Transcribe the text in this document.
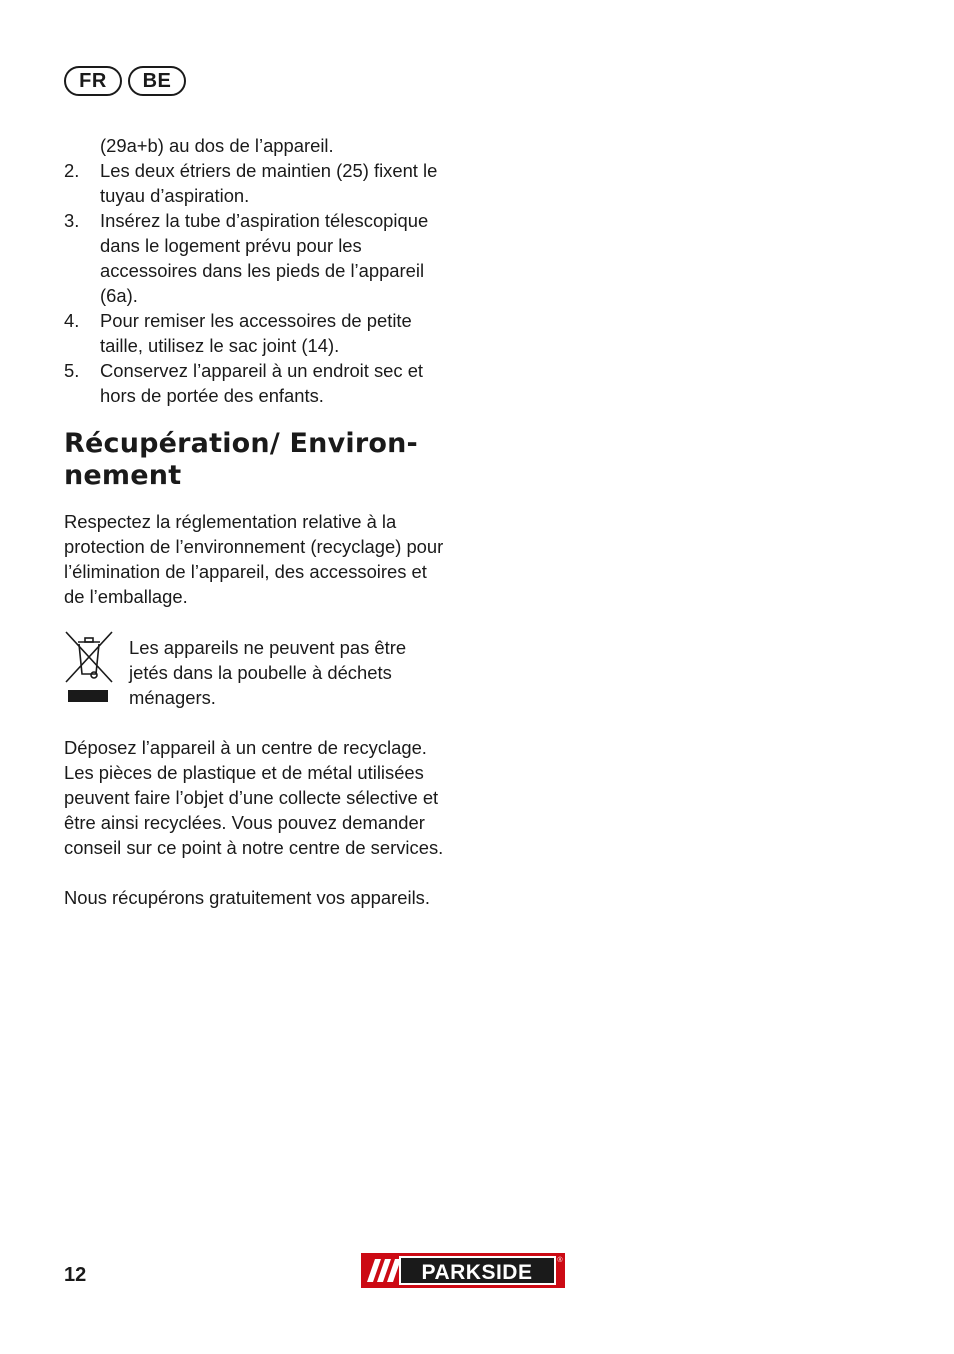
FR	BE

(29a+b) au dos de l’appareil.

2. Les deux étriers de maintien (25) fixent le tuyau d’aspiration.
3. Insérez la tube d’aspiration télescopique dans le logement prévu pour les accessoires dans les pieds de l’appareil (6a).
4. Pour remiser les accessoires de petite taille, utilisez le sac joint (14).
5. Conservez l’appareil à un endroit sec et hors de portée des enfants.
Récupération/ Environnement

Respectez la réglementation relative à la protection de l’environnement (recyclage) pour l’élimination de l’appareil, des accessoires et de l’emballage.

Les appareils ne peuvent pas être jetés dans la poubelle à déchets ménagers.

Déposez l’appareil à un centre de recyclage. Les pièces de plastique et de métal utilisées peuvent faire l’objet d’une collecte sélective et être ainsi recyclées. Vous pouvez demander conseil sur ce point à notre centre de services.

Nous récupérons gratuitement vos appareils.

12	PARKSIDE
®
